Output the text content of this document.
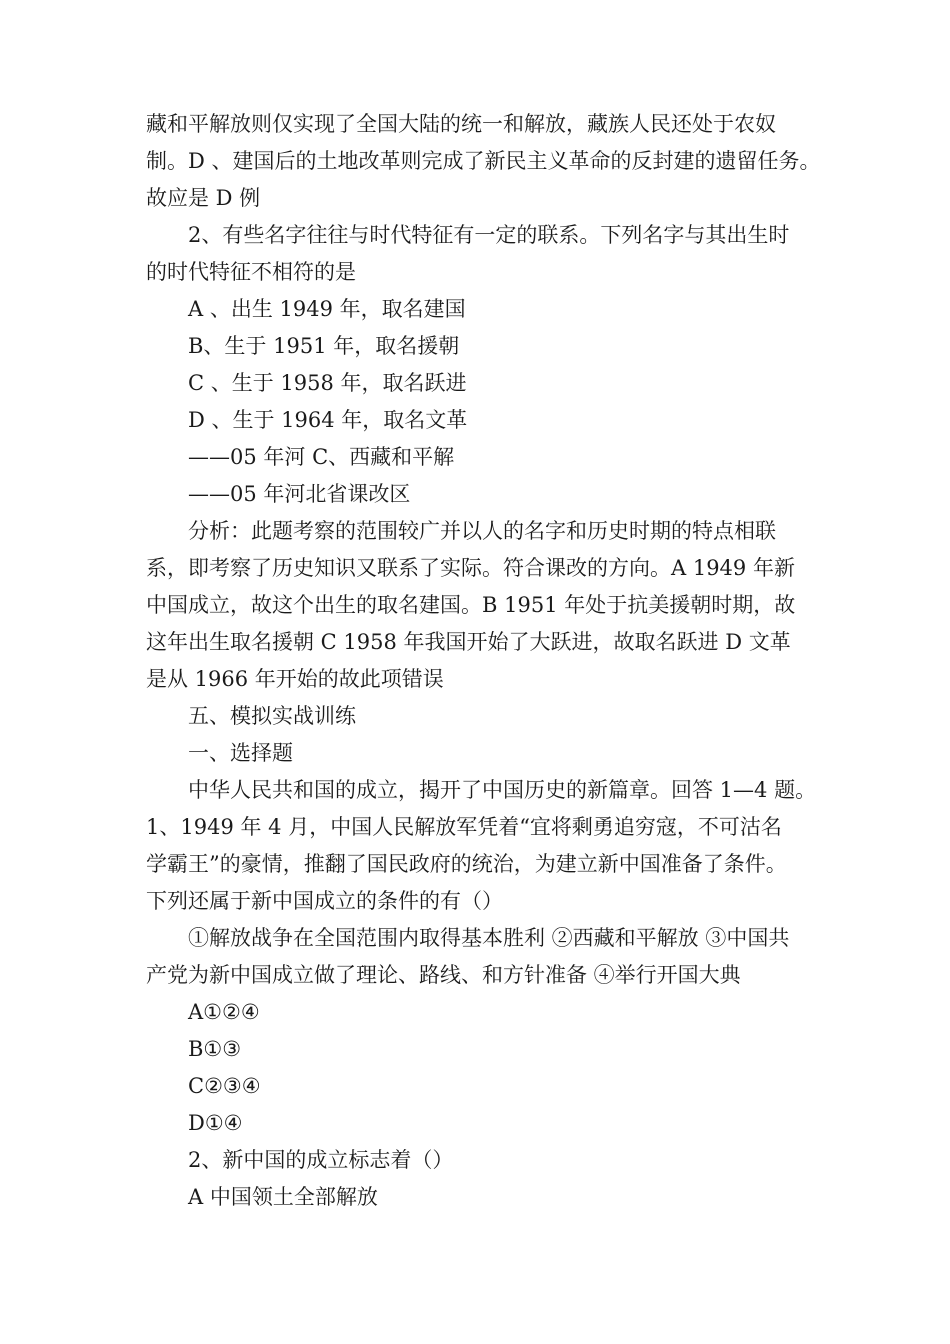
藏和平解放则仅实现了全国大陆的统一和解放，藏族人民还处于农奴
制。D 、建国后的土地改革则完成了新民主义革命的反封建的遗留任务。
故应是 D 例
2、有些名字往往与时代特征有一定的联系。下列名字与其出生时
的时代特征不相符的是
A 、出生 1949 年，取名建国
B、生于 1951 年，取名援朝
C 、生于 1958 年，取名跃进
D 、生于 1964 年，取名文革
——05 年河 C、西藏和平解
——05 年河北省课改区
分析：此题考察的范围较广并以人的名字和历史时期的特点相联
系，即考察了历史知识又联系了实际。符合课改的方向。A 1949 年新
中国成立，故这个出生的取名建国。B 1951 年处于抗美援朝时期，故
这年出生取名援朝 C 1958 年我国开始了大跃进，故取名跃进 D 文革
是从 1966 年开始的故此项错误
五、模拟实战训练
一、选择题
中华人民共和国的成立，揭开了中国历史的新篇章。回答 1—4 题。
1、1949 年 4 月，中国人民解放军凭着“宜将剩勇追穷寇，不可沽名
学霸王”的豪情，推翻了国民政府的统治，为建立新中国准备了条件。
下列还属于新中国成立的条件的有（）
①解放战争在全国范围内取得基本胜利 ②西藏和平解放 ③中国共
产党为新中国成立做了理论、路线、和方针准备 ④举行开国大典
A①②④
B①③
C②③④
D①④
2、新中国的成立标志着（）
A 中国领土全部解放
